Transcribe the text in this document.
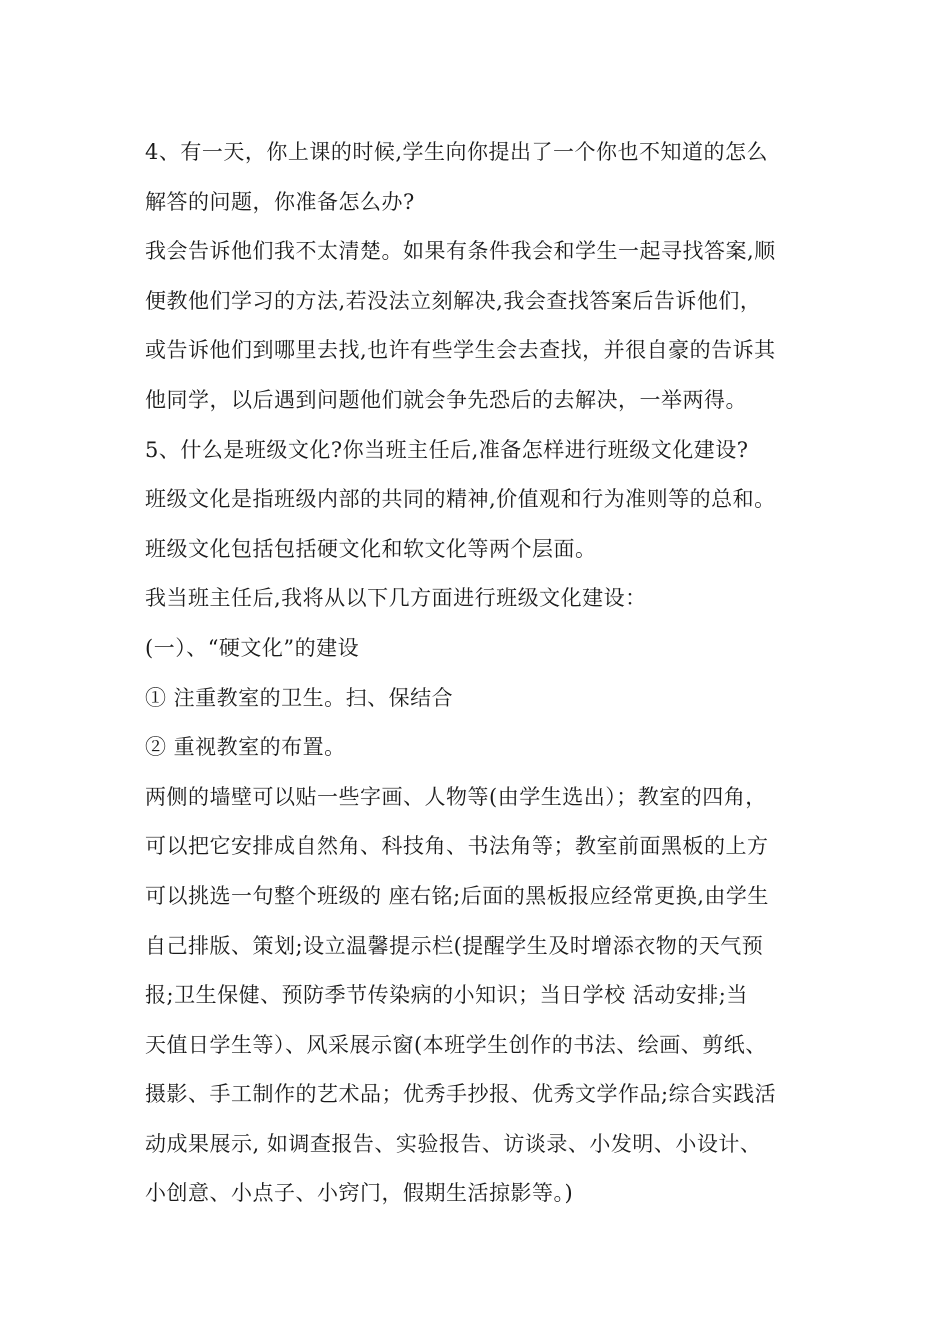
4、有一天，你上课的时候,学生向你提出了一个你也不知道的怎么
解答的问题，你准备怎么办?
我会告诉他们我不太清楚。如果有条件我会和学生一起寻找答案,顺
便教他们学习的方法,若没法立刻解决,我会查找答案后告诉他们，
或告诉他们到哪里去找,也许有些学生会去查找，并很自豪的告诉其
他同学，以后遇到问题他们就会争先恐后的去解决，一举两得。
5、什么是班级文化?你当班主任后,准备怎样进行班级文化建设?
班级文化是指班级内部的共同的精神,价值观和行为准则等的总和。
班级文化包括包括硬文化和软文化等两个层面。
我当班主任后,我将从以下几方面进行班级文化建设：
(一）、“硬文化”的建设
① 注重教室的卫生。扫、保结合
② 重视教室的布置。
两侧的墙壁可以贴一些字画、人物等(由学生选出）；教室的四角，
可以把它安排成自然角、科技角、书法角等；教室前面黑板的上方
可以挑选一句整个班级的 座右铭;后面的黑板报应经常更换,由学生
自己排版、策划;设立温馨提示栏(提醒学生及时增添衣物的天气预
报;卫生保健、预防季节传染病的小知识；当日学校 活动安排;当
天值日学生等）、风采展示窗(本班学生创作的书法、绘画、剪纸、
摄影、手工制作的艺术品；优秀手抄报、优秀文学作品;综合实践活
动成果展示, 如调查报告、实验报告、访谈录、小发明、小设计、
小创意、小点子、小窍门，假期生活掠影等。)
